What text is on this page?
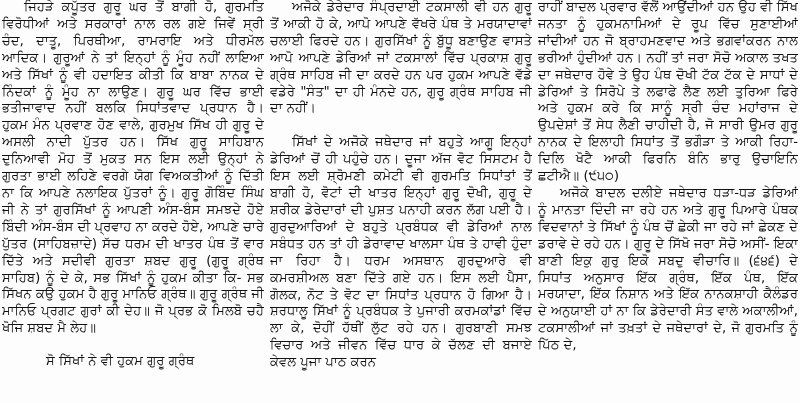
ਜਿਹੜੇ ਕਪੂੱਤਰ ਗੁਰੂ ਘਰ ਤੋਂ ਬਾਗੀ ਹੋ, ਗੁਰਮਤਿ ਵਿਰੋਧੀਆਂ ਅਤੇ ਸਰਕਾਰਾਂ ਨਾਲ ਰਲ ਗਏ ਜਿਵੇਂ ਸ੍ਰੀ ਚੰਦ, ਦਾਤੂ, ਪਿਰਥੀਆ, ਰਾਮਰਾਇ ਅਤੇ ਧੀਰਮੱਲ ਆਦਿਕ। ਗੁਰੂਆਂ ਨੇ ਤਾਂ ਇਨ੍ਹਾਂ ਨੂੰ ਮੂੰਹ ਨਹੀਂ ਲਾਇਆ ਅਤੇ ਸਿੱਖਾਂ ਨੂੰ ਵੀ ਹਦਾਇਤ ਕੀਤੀ ਕਿ ਬਾਬਾ ਨਾਨਕ ਦੇ ਨਿੰਦਕਾਂ ਨੂੰ ਮੂੰਹ ਨਾ ਲਾਉਣ। ਗੁਰੂ ਘਰ ਵਿੱਚ ਭਾਈ ਭਤੀਜਾਵਾਦ ਨਹੀਂ ਬਲਕਿ ਸਿਧਾਂਤਵਾਦ ਪ੍ਰਧਾਨ ਹੈ। ਹੁਕਮ ਮੰਨ ਪ੍ਰਵਾਣ ਹੋਣ ਵਾਲੇ, ਗੁਰਮੁਖ ਸਿੱਖ ਹੀ ਗੁਰੂ ਦੇ ਅਸਲੀ ਨਾਦੀ ਪੁੱਤਰ ਹਨ। ਸਿੱਖ ਗੁਰੂ ਸਾਹਿਬਾਨ ਦੁਨਿਆਵੀ ਮੋਹ ਤੋਂ ਮੁਕਤ ਸਨ ਇਸ ਲਈ ਉਨ੍ਹਾਂ ਨੇ ਗੁਰਤਾ ਭਾਈ ਲਹਿਣੇ ਵਰਗੇ ਯੋਗ ਵਿਅਕਤੀਆਂ ਨੂੰ ਦਿੱਤੀ ਨਾ ਕਿ ਆਪਣੇ ਨਲਾਇਕ ਪੁੱਤਰਾਂ ਨੂੰ। ਗੁਰੂ ਗੋਬਿੰਦ ਸਿੰਘ ਜੀ ਨੇ ਤਾਂ ਗੁਰਸਿੱਖਾਂ ਨੂੰ ਆਪਣੀ ਅੰਸ-ਬੰਸ ਸਮਝਦੇ ਹੋਏ ਬਿੰਦੀ ਅੰਸ-ਬੰਸ ਦੀ ਪ੍ਰਵਾਹ ਨਾ ਕਰਦੇ ਹੋਏ, ਆਪਣੇ ਚਾਰੇ ਪੁੱਤਰ (ਸਾਹਿਬਜ਼ਾਦੇ) ਸੱਚ ਧਰਮ ਦੀ ਖਾਤਰ ਪੰਥ ਤੋਂ ਵਾਰ ਦਿੱਤੇ ਅਤੇ ਸਦੀਵੀ ਗੁਰਤਾ ਸ਼ਬਦ ਗੁਰੂ (ਗੁਰੂ ਗ੍ਰੰਥ ਸਾਹਿਬ) ਨੂੰ ਦੇ ਕੇ, ਸਭ ਸਿੱਖਾਂ ਨੂੰ ਹੁਕਮ ਕੀਤਾ ਕਿ- ਸਭ ਸਿੱਖਨ ਕਉ ਹੁਕਮ ਹੈ ਗੁਰੂ ਮਾਨਿਓ ਗ੍ਰੰਥ॥ ਗੁਰੂ ਗ੍ਰੰਥ ਜੀ ਮਾਨਿਓ ਪ੍ਰਗਟ ਗੁਰਾਂ ਕੀ ਦੇਹ॥ ਜੋ ਪ੍ਰਭ ਕੋ ਮਿਲਬੋ ਚਹੈ ਖੋਜਿ ਸ਼ਬਦ ਮੈ ਲੇਹ॥

ਸੋ ਸਿੱਖਾਂ ਨੇ ਵੀ ਹੁਕਮ ਗੁਰੂ ਗ੍ਰੰਥ

ਅਜੋਕੇ ਡੇਰੇਦਾਰ ਸੰਪ੍ਰਦਾਈ ਟਕਸਾਲੀ ਵੀ ਹਨ ਗੁਰੂ ਤੋਂ ਆਕੀ ਹੋ ਕੇ, ਆਪੋ ਆਪਣੇ ਵੱਖਰੇ ਪੰਥ ਤੇ ਮਰਯਾਦਾਵਾਂ ਚਲਾਈ ਫਿਰਦੇ ਹਨ। ਗੁਰਸਿੱਖਾਂ ਨੂੰ ਬੁੱਧੂ ਬਣਾਉਣ ਵਾਸਤੇ ਆਪੋ ਆਪਣੇ ਡੇਰਿਆਂ ਜਾਂ ਟਕਸਾਲਾਂ ਵਿੱਚ ਪ੍ਰਕਾਸ਼ ਗੁਰੂ ਗ੍ਰੰਥ ਸਾਹਿਬ ਜੀ ਦਾ ਕਰਦੇ ਹਨ ਪਰ ਹੁਕਮ ਆਪਣੇ ਵੱਡੇ ਵਡੇਰੇ "ਸੰਤ" ਦਾ ਹੀ ਮੰਨਦੇ ਹਨ, ਗੁਰੂ ਗ੍ਰੰਥ ਸਾਹਿਬ ਜੀ ਦਾ ਨਹੀਂ।

ਸਿੱਖਾਂ ਦੇ ਅਜੋਕੇ ਜਥੇਦਾਰ ਜਾਂ ਬਹੁਤੇ ਆਗੂ ਇਨ੍ਹਾਂ ਡੇਰਿਆਂ ਚੋਂ ਹੀ ਪਹੁੰਚੇ ਹਨ। ਦੂਜਾ ਅੱਜ ਵੋਟ ਸਿਸਟਮ ਹੈ ਇਸ ਲਈ ਸ਼੍ਰੋਮਣੀ ਕਮੇਟੀ ਵੀ ਗੁਰਮਤਿ ਸਿਧਾਂਤਾਂ ਤੋਂ ਬਾਗੀ ਹੋ, ਵੋਟਾਂ ਦੀ ਖਾਤਰ ਇਨ੍ਹਾਂ ਗੁਰੂ ਦੋਖੀ, ਗੁਰੂ ਦੇ ਸ਼ਰੀਕ ਡੇਰੇਦਾਰਾਂ ਦੀ ਪੁਸ਼ਤ ਪਨਾਹੀ ਕਰਨ ਲੱਗ ਪਈ ਹੈ। ਗੁਰਦੁਆਰਿਆਂ ਦੇ ਬਹੁਤੇ ਪ੍ਰਬੰਧਕ ਵੀ ਡੇਰਿਆਂ ਨਾਲ ਸਬੰਧਤ ਹਨ ਤਾਂ ਹੀ ਡੇਰਾਵਾਦ ਖਾਲਸਾ ਪੰਥ ਤੇ ਹਾਵੀ ਹੁੰਦਾ ਜਾ ਰਿਹਾ ਹੈ। ਧਰਮ ਅਸਥਾਨ ਗੁਰਦੁਆਰੇ ਵੀ ਕਮਰਸ਼ੀਅਲ ਬਣਾ ਦਿੱਤੇ ਗਏ ਹਨ। ਇਸ ਲਈ ਪੈਸਾ, ਗੋਲਕ, ਨੋਟ ਤੇ ਵੋਟ ਦਾ ਸਿਧਾਂਤ ਪ੍ਰਧਾਨ ਹੋ ਗਿਆ ਹੈ। ਸ਼ਰਧਾਲੂ ਸਿੱਖਾਂ ਨੂੰ ਪ੍ਰਬੰਧਕ ਤੇ ਪੁਜਾਰੀ ਕਰਮਕਾਂਡਾਂ ਵਿੱਚ ਲਾ ਕੇ, ਦੋਹੀਂ ਹੱਥੀਂ ਲੁੱਟ ਰਹੇ ਹਨ। ਗੁਰਬਾਣੀ ਸਮਝ ਵਿਚਾਰ ਅਤੇ ਜੀਵਨ ਵਿੱਚ ਧਾਰ ਕੇ ਚੱਲਣ ਦੀ ਬਜਾਏ ਕੇਵਲ ਪੂਜਾ ਪਾਠ ਕਰਨ

ਰਾਹੀਂ ਬਾਦਲ ਪ੍ਰਵਾਰ ਵੱਲੋਂ ਆਉਂਦੀਆਂ ਹਨ ਉਹ ਵੀ ਸਿੱਖ ਜਨਤਾ ਨੂੰ ਹੁਕਮਨਾਮਿਆਂ ਦੇ ਰੂਪ ਵਿੱਚ ਸੁਣਾਈਆਂ ਜਾਂਦੀਆਂ ਹਨ ਜੋ ਬ੍ਰਾਹਮਣਵਾਦ ਅਤੇ ਭਗਵਾਂਕਰਨ ਨਾਲ ਭਰੀਆਂ ਹੁੰਦੀਆਂ ਹਨ। ਨਹੀਂ ਤਾਂ ਜਰਾ ਸੋਚੋ ਅਕਾਲ ਤਖਤ ਦਾ ਜਥੇਦਾਰ ਹੋਵੇ ਤੇ ਉਹ ਪੰਥ ਦੋਖੀ ਟੱਕ ਟੱਕ ਦੇ ਸਾਧਾਂ ਦੇ ਡੇਰਿਆਂ ਤੇ ਸਿਰੋਪੇ ਤੇ ਲਫਾਫੇ ਲੈਣ ਲਈ ਤੁਰਿਆ ਫਿਰੇ ਅਤੇ ਹੁਕਮ ਕਰੇ ਕਿ ਸਾਨੂੰ ਸ੍ਰੀ ਚੰਦ ਮਹਾਂਰਾਜ ਦੇ ਉਪਦੇਸ਼ਾਂ ਤੋਂ ਸੇਧ ਲੈਣੀ ਚਾਹੀਦੀ ਹੈ, ਜੋ ਸਾਰੀ ਉਮਰ ਗੁਰੂ ਨਾਨਕ ਦੇ ਇਲਾਹੀ ਸਿਧਾਂਤ ਤੋਂ ਭਗੌੜਾ ਤੇ ਆਕੀ ਰਿਹਾ- ਦਿਲਿ ਖੋਟੈ ਆਕੀ ਫਿਰਨਿ ਬੰਨਿ ਭਾਰੁ ਉਚਾਇਨਿ ਛਟੀਐ॥ (੯੫੦)

ਅਜੋਕੇ ਬਾਦਲ ਦਲੀਏ ਜਥੇਦਾਰ ਧੜਾ-ਧੜ ਡੇਰਿਆਂ ਨੂੰ ਮਾਨਤਾ ਦਿੰਦੀ ਜਾ ਰਹੇ ਹਨ ਅਤੇ ਗੁਰੂ ਪਿਆਰੇ ਪੰਥਕ ਵਿਦਵਾਨਾਂ ਤੇ ਸਿੱਖਾਂ ਨੂੰ ਪੰਥ ਚੋਂ ਛੇਕੀ ਜਾ ਰਹੇ ਜਾਂ ਛੇਕਣ ਦੇ ਡਰਾਵੇ ਦੇ ਰਹੇ ਹਨ। ਗੁਰੂ ਦੇ ਸਿੱਖੋ ਜਰਾ ਸੋਚੋ ਅਸੀਂ- ਇਕਾ ਬਾਣੀ ਇਕੁ ਗੁਰੁ ਇਕੋ ਸਬਦੁ ਵੀਚਾਰਿ॥ (੬੪੬) ਦੇ ਸਿਧਾਂਤ ਅਨੁਸਾਰ ਇੱਕ ਗ੍ਰੰਥ, ਇੱਕ ਪੰਥ, ਇੱਕ ਮਰਯਾਦਾ, ਇੱਕ ਨਿਸ਼ਾਨ ਅਤੇ ਇੱਕ ਨਾਨਕਸ਼ਾਹੀ ਕੈਲੰਡਰ ਦੇ ਅਨੁਯਾਈ ਹਾਂ ਨਾ ਕਿ ਡੇਰੇਦਾਰੀ ਸੰਤ ਵਾਲੇ ਅਕਾਲੀਆਂ, ਟਕਸਾਲੀਆਂ ਜਾਂ ਤਖ਼ਤਾਂ ਦੇ ਜਥੇਦਾਰਾਂ ਦੇ, ਜੋ ਗੁਰਮਤਿ ਨੂੰ ਪਿੱਠ ਦੇ,
